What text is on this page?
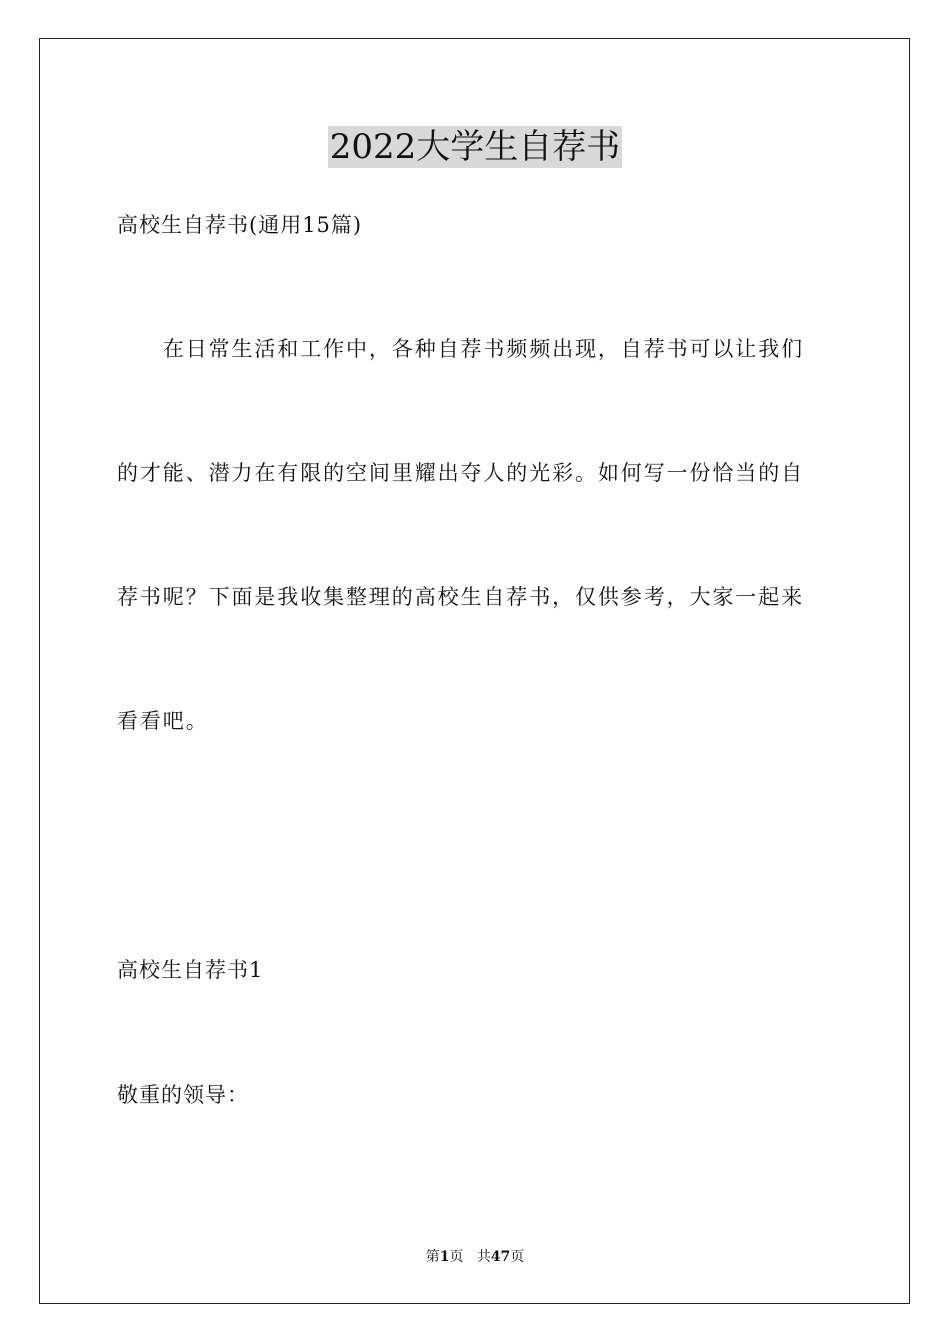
2022大学生自荐书
高校生自荐书(通用15篇)
　　在日常生活和工作中，各种自荐书频频出现，自荐书可以让我们
的才能、潜力在有限的空间里耀出夺人的光彩。如何写一份恰当的自
荐书呢？下面是我收集整理的高校生自荐书，仅供参考，大家一起来
看看吧。
高校生自荐书1
敬重的领导：
第1页 共47页
